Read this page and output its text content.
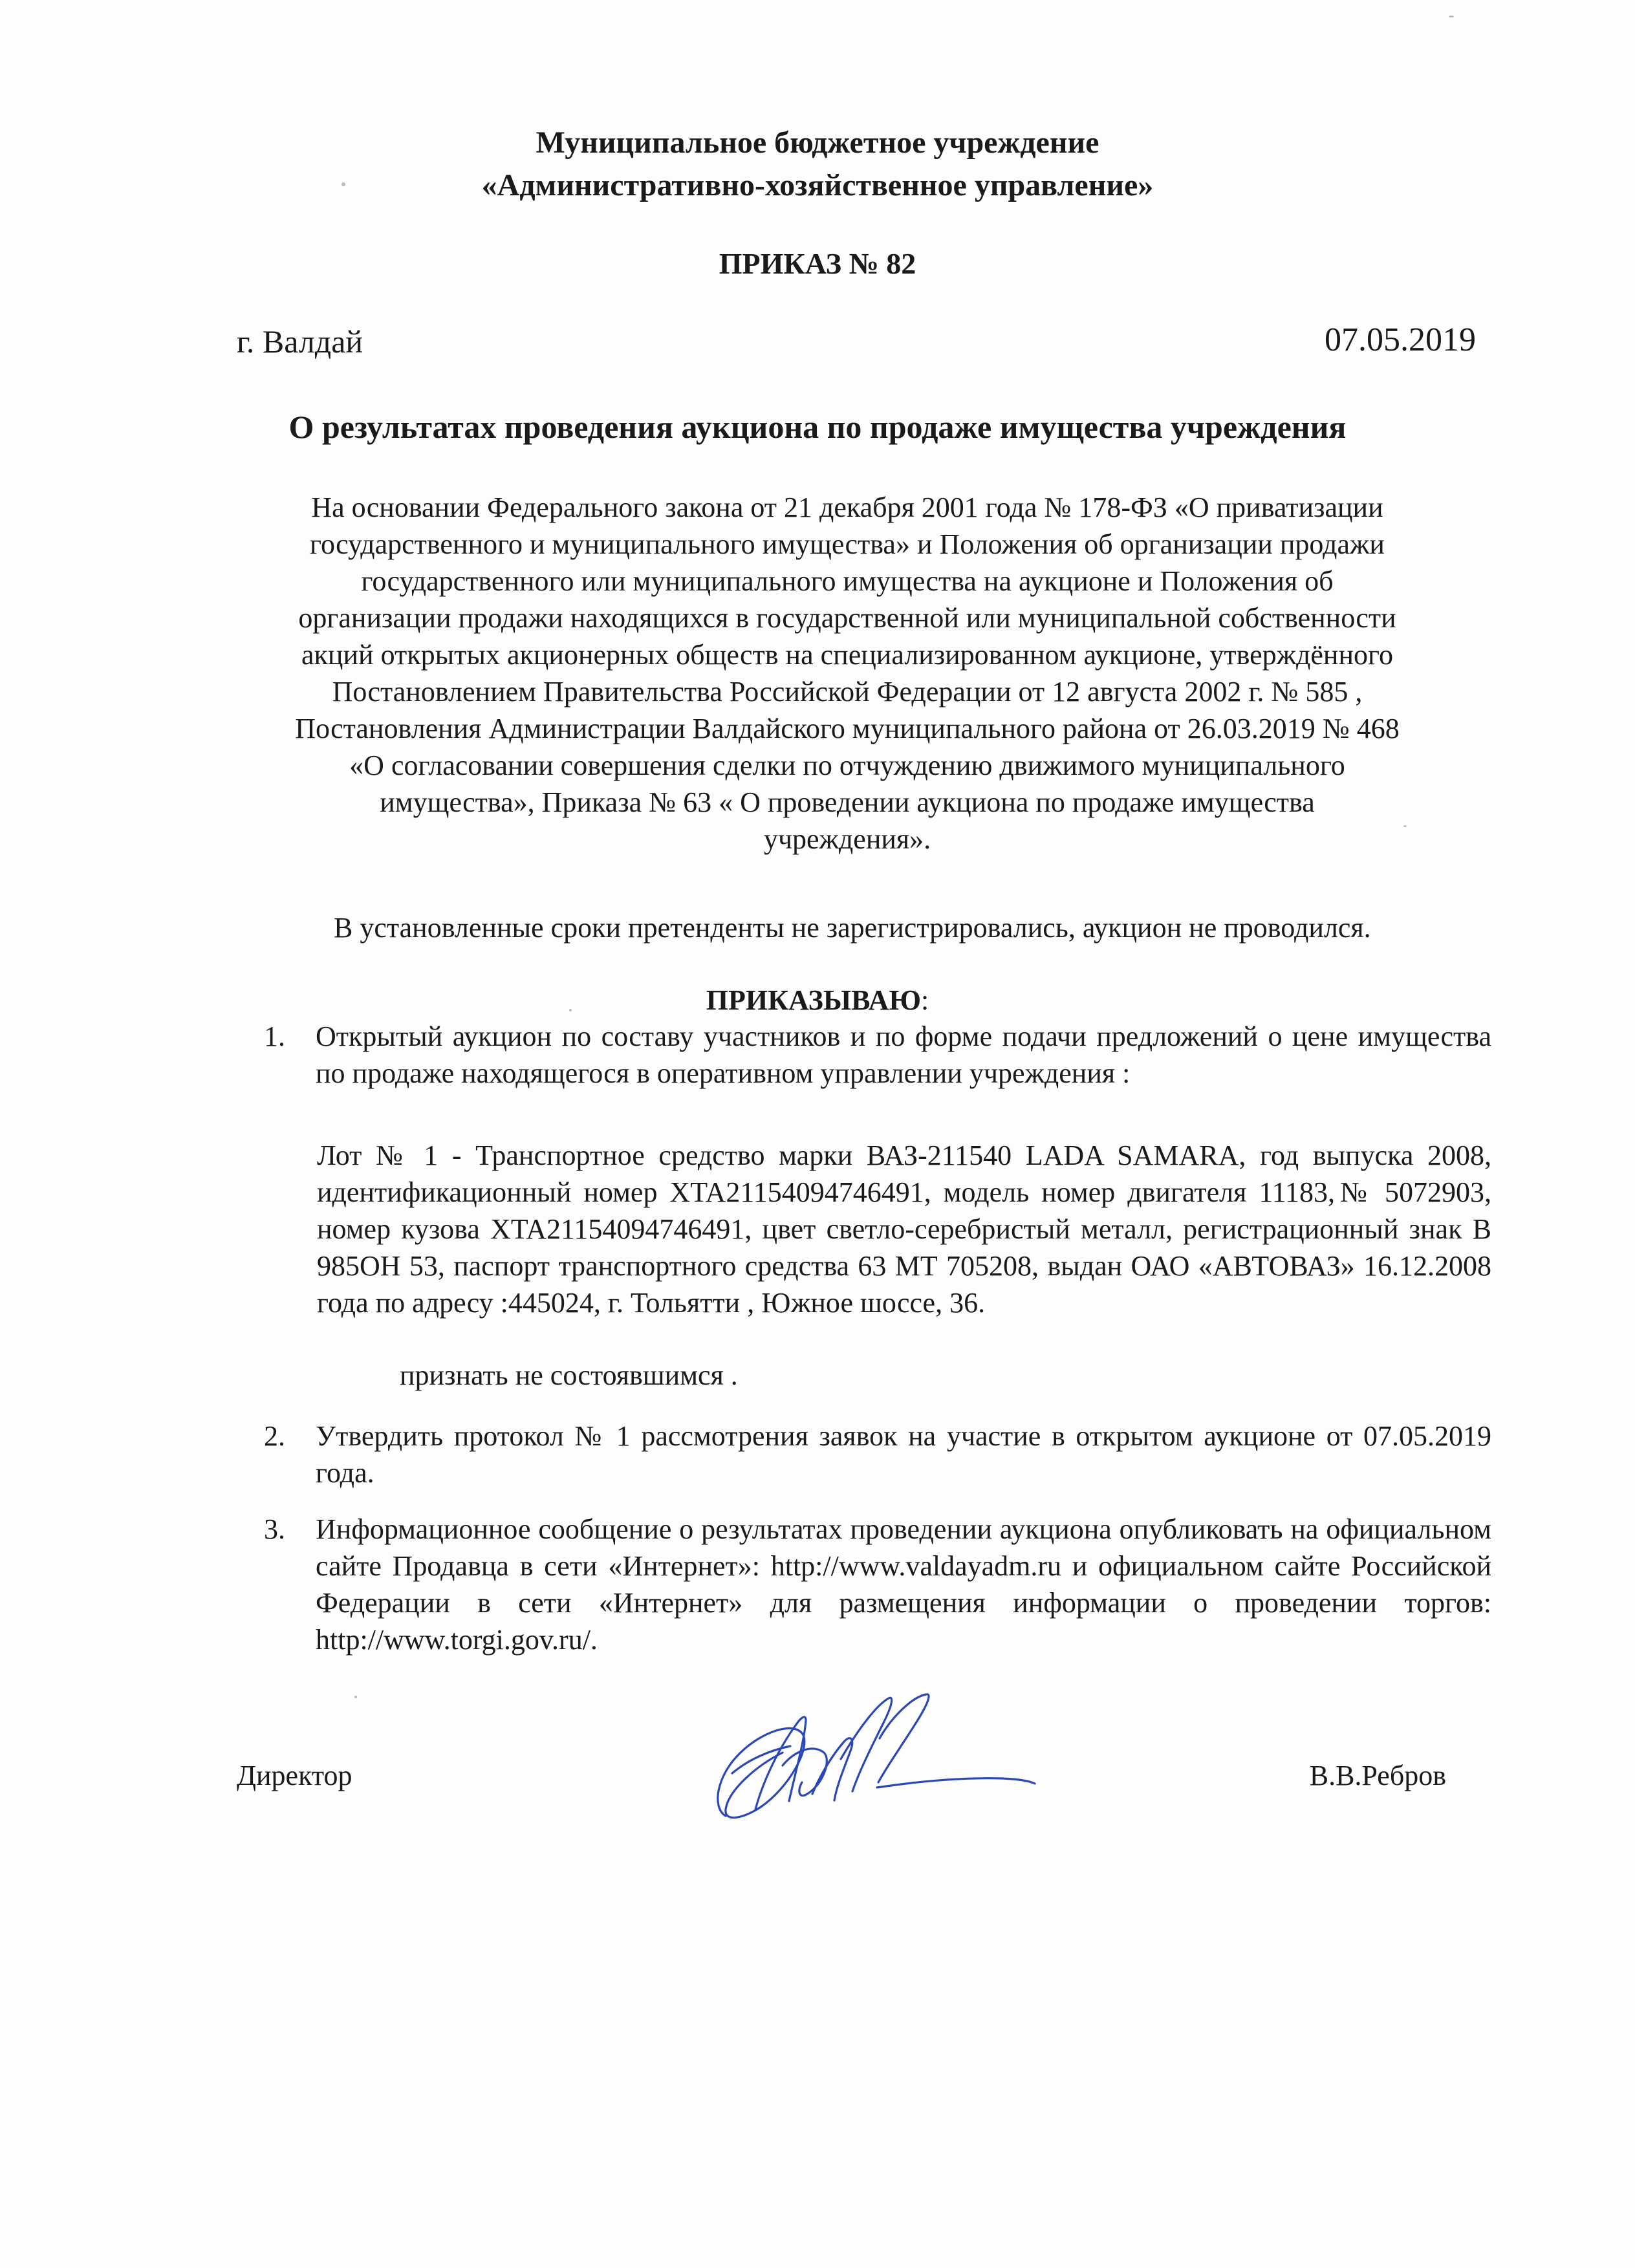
Муниципальное бюджетное учреждение
«Административно-хозяйственное управление»
ПРИКАЗ № 82
г. Валдай	07.05.2019
О результатах проведения аукциона по продаже имущества учреждения
На основании Федерального закона от 21 декабря 2001 года № 178-ФЗ «О приватизации
государственного и муниципального имущества» и Положения об организации продажи
государственного или муниципального имущества на аукционе и Положения об
организации продажи находящихся в государственной или муниципальной собственности
акций открытых акционерных обществ на специализированном аукционе, утверждённого
Постановлением Правительства Российской Федерации от 12 августа 2002 г. № 585 ,
Постановления Администрации Валдайского муниципального района от 26.03.2019 № 468
«О согласовании совершения сделки по отчуждению движимого муниципального
имущества», Приказа № 63 « О проведении аукциона по продаже имущества
учреждения».
В установленные сроки претенденты не зарегистрировались, аукцион не проводился.
ПРИКАЗЫВАЮ:
1. Открытый аукцион по составу участников и по форме подачи предложений о цене имущества по продаже находящегося в оперативном управлении учреждения :
Лот № 1 - Транспортное средство марки ВАЗ-211540 LADA SAMARA, год выпуска 2008, идентификационный номер XTA21154094746491, модель номер двигателя 11183,№ 5072903, номер кузова XTA21154094746491, цвет светло-серебристый металл, регистрационный знак В 985ОН 53, паспорт транспортного средства 63 МТ 705208, выдан ОАО «АВТОВАЗ» 16.12.2008 года по адресу :445024, г. Тольятти , Южное шоссе, 36.
признать не состоявшимся .
2. Утвердить протокол № 1 рассмотрения заявок на участие в открытом аукционе от 07.05.2019 года.
3. Информационное сообщение о результатах проведении аукциона опубликовать на официальном сайте Продавца в сети «Интернет»: http://www.valdayadm.ru и официальном сайте Российской Федерации в сети «Интернет» для размещения информации о проведении торгов: http://www.torgi.gov.ru/.
Директор	В.В.Ребров
